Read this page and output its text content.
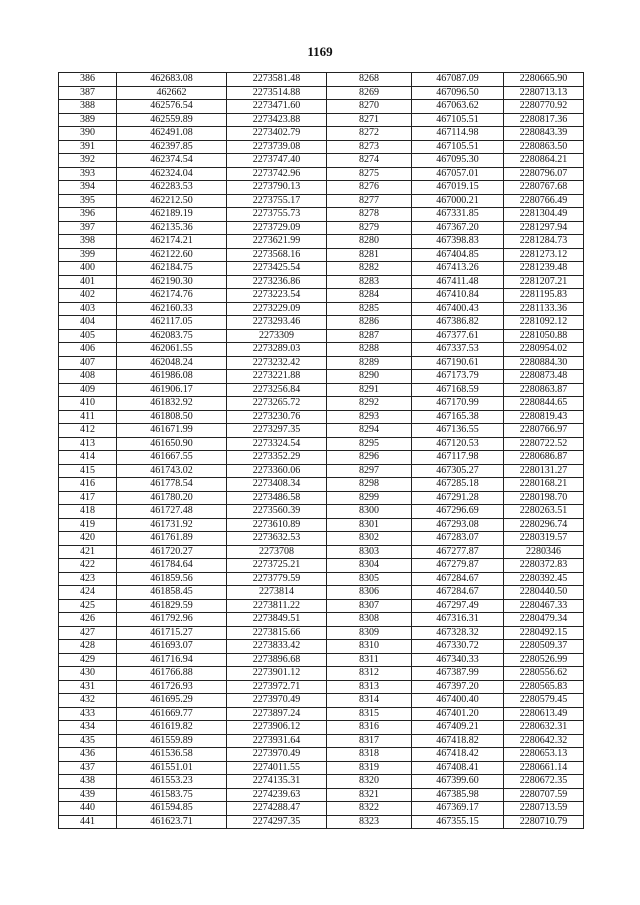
1169
386	462683.08	2273581.48	8268	467087.09	2280665.90
387	462662	2273514.88	8269	467096.50	2280713.13
388	462576.54	2273471.60	8270	467063.62	2280770.92
389	462559.89	2273423.88	8271	467105.51	2280817.36
390	462491.08	2273402.79	8272	467114.98	2280843.39
391	462397.85	2273739.08	8273	467105.51	2280863.50
392	462374.54	2273747.40	8274	467095.30	2280864.21
393	462324.04	2273742.96	8275	467057.01	2280796.07
394	462283.53	2273790.13	8276	467019.15	2280767.68
395	462212.50	2273755.17	8277	467000.21	2280766.49
396	462189.19	2273755.73	8278	467331.85	2281304.49
397	462135.36	2273729.09	8279	467367.20	2281297.94
398	462174.21	2273621.99	8280	467398.83	2281284.73
399	462122.60	2273568.16	8281	467404.85	2281273.12
400	462184.75	2273425.54	8282	467413.26	2281239.48
401	462190.30	2273236.86	8283	467411.48	2281207.21
402	462174.76	2273223.54	8284	467410.84	2281195.83
403	462160.33	2273229.09	8285	467400.43	2281133.36
404	462117.05	2273293.46	8286	467386.82	2281092.12
405	462083.75	2273309	8287	467377.61	2281050.88
406	462061.55	2273289.03	8288	467337.53	2280954.02
407	462048.24	2273232.42	8289	467190.61	2280884.30
408	461986.08	2273221.88	8290	467173.79	2280873.48
409	461906.17	2273256.84	8291	467168.59	2280863.87
410	461832.92	2273265.72	8292	467170.99	2280844.65
411	461808.50	2273230.76	8293	467165.38	2280819.43
412	461671.99	2273297.35	8294	467136.55	2280766.97
413	461650.90	2273324.54	8295	467120.53	2280722.52
414	461667.55	2273352.29	8296	467117.98	2280686.87
415	461743.02	2273360.06	8297	467305.27	2280131.27
416	461778.54	2273408.34	8298	467285.18	2280168.21
417	461780.20	2273486.58	8299	467291.28	2280198.70
418	461727.48	2273560.39	8300	467296.69	2280263.51
419	461731.92	2273610.89	8301	467293.08	2280296.74
420	461761.89	2273632.53	8302	467283.07	2280319.57
421	461720.27	2273708	8303	467277.87	2280346
422	461784.64	2273725.21	8304	467279.87	2280372.83
423	461859.56	2273779.59	8305	467284.67	2280392.45
424	461858.45	2273814	8306	467284.67	2280440.50
425	461829.59	2273811.22	8307	467297.49	2280467.33
426	461792.96	2273849.51	8308	467316.31	2280479.34
427	461715.27	2273815.66	8309	467328.32	2280492.15
428	461693.07	2273833.42	8310	467330.72	2280509.37
429	461716.94	2273896.68	8311	467340.33	2280526.99
430	461766.88	2273901.12	8312	467387.99	2280556.62
431	461726.93	2273972.71	8313	467397.20	2280565.83
432	461695.29	2273970.49	8314	467400.40	2280579.45
433	461669.77	2273897.24	8315	467401.20	2280613.49
434	461619.82	2273906.12	8316	467409.21	2280632.31
435	461559.89	2273931.64	8317	467418.82	2280642.32
436	461536.58	2273970.49	8318	467418.42	2280653.13
437	461551.01	2274011.55	8319	467408.41	2280661.14
438	461553.23	2274135.31	8320	467399.60	2280672.35
439	461583.75	2274239.63	8321	467385.98	2280707.59
440	461594.85	2274288.47	8322	467369.17	2280713.59
441	461623.71	2274297.35	8323	467355.15	2280710.79
